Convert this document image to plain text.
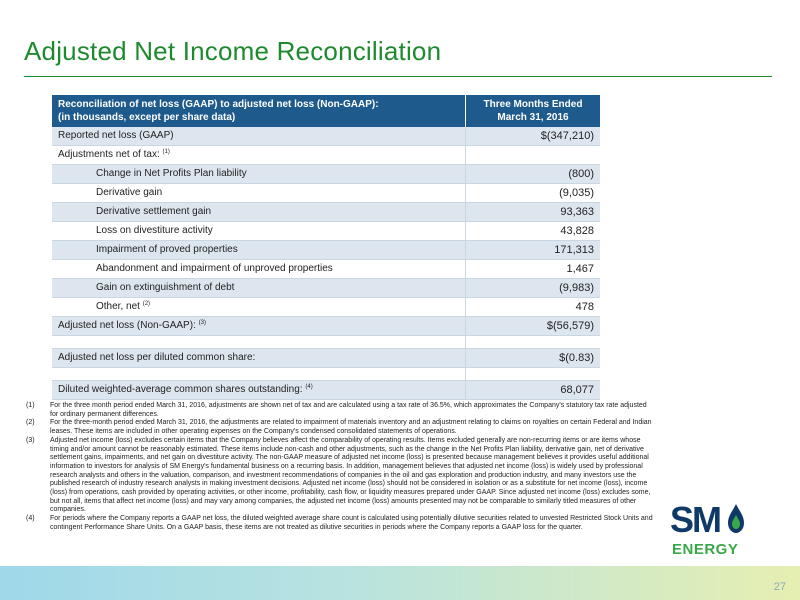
Adjusted Net Income Reconciliation
Reconciliation of net loss (GAAP) to adjusted net loss (Non-GAAP):
(in thousands, except per share data)	Three Months Ended
March 31, 2016
Reported net loss (GAAP)	$(347,210)
Adjustments net of tax: $^{(1)}$	
Change in Net Profits Plan liability	(800)
Derivative gain	(9,035)
Derivative settlement gain	93,363
Loss on divestiture activity	43,828
Impairment of proved properties	171,313
Abandonment and impairment of unproved properties	1,467
Gain on extinguishment of debt	(9,983)
Other, net $^{(2)}$	478
Adjusted net loss (Non-GAAP): $^{(3)}$	$(56,579)

Adjusted net loss per diluted common share:	$(0.83)

Diluted weighted-average common shares outstanding: $^{(4)}$	68,077
(1) For the three month period ended March 31, 2016, adjustments are shown net of tax and are calculated using a tax rate of 36.5%, which approximates the Company's statutory tax rate adjusted for ordinary permanent differences.
(2) For the three-month period ended March 31, 2016, the adjustments are related to impairment of materials inventory and an adjustment relating to claims on royalties on certain Federal and Indian leases. These items are included in other operating expenses on the Company's condensed consolidated statements of operations.
(3) Adjusted net income (loss) excludes certain items that the Company believes affect the comparability of operating results. Items excluded generally are non-recurring items or are items whose timing and/or amount cannot be reasonably estimated. These items include non-cash and other adjustments, such as the change in the Net Profits Plan liability, derivative gain, net of derivative settlement gains, impairments, and net gain on divestiture activity. The non-GAAP measure of adjusted net income (loss) is presented because management believes it provides useful additional information to investors for analysis of SM Energy's fundamental business on a recurring basis. In addition, management believes that adjusted net income (loss) is widely used by professional research analysts and others in the valuation, comparison, and investment recommendations of companies in the oil and gas exploration and production industry, and many investors use the published research of industry research analysts in making investment decisions. Adjusted net income (loss) should not be considered in isolation or as a substitute for net income (loss), income (loss) from operations, cash provided by operating activities, or other income, profitability, cash flow, or liquidity measures prepared under GAAP. Since adjusted net income (loss) excludes some, but not all, items that affect net income (loss) and may vary among companies, the adjusted net income (loss) amounts presented may not be comparable to similarly titled measures of other companies.
(4) For periods where the Company reports a GAAP net loss, the diluted weighted average share count is calculated using potentially dilutive securities related to unvested Restricted Stock Units and contingent Performance Share Units. On a GAAP basis, these items are not treated as dilutive securities in periods where the Company reports a GAAP loss for the quarter.	SM
ENERGY
27
